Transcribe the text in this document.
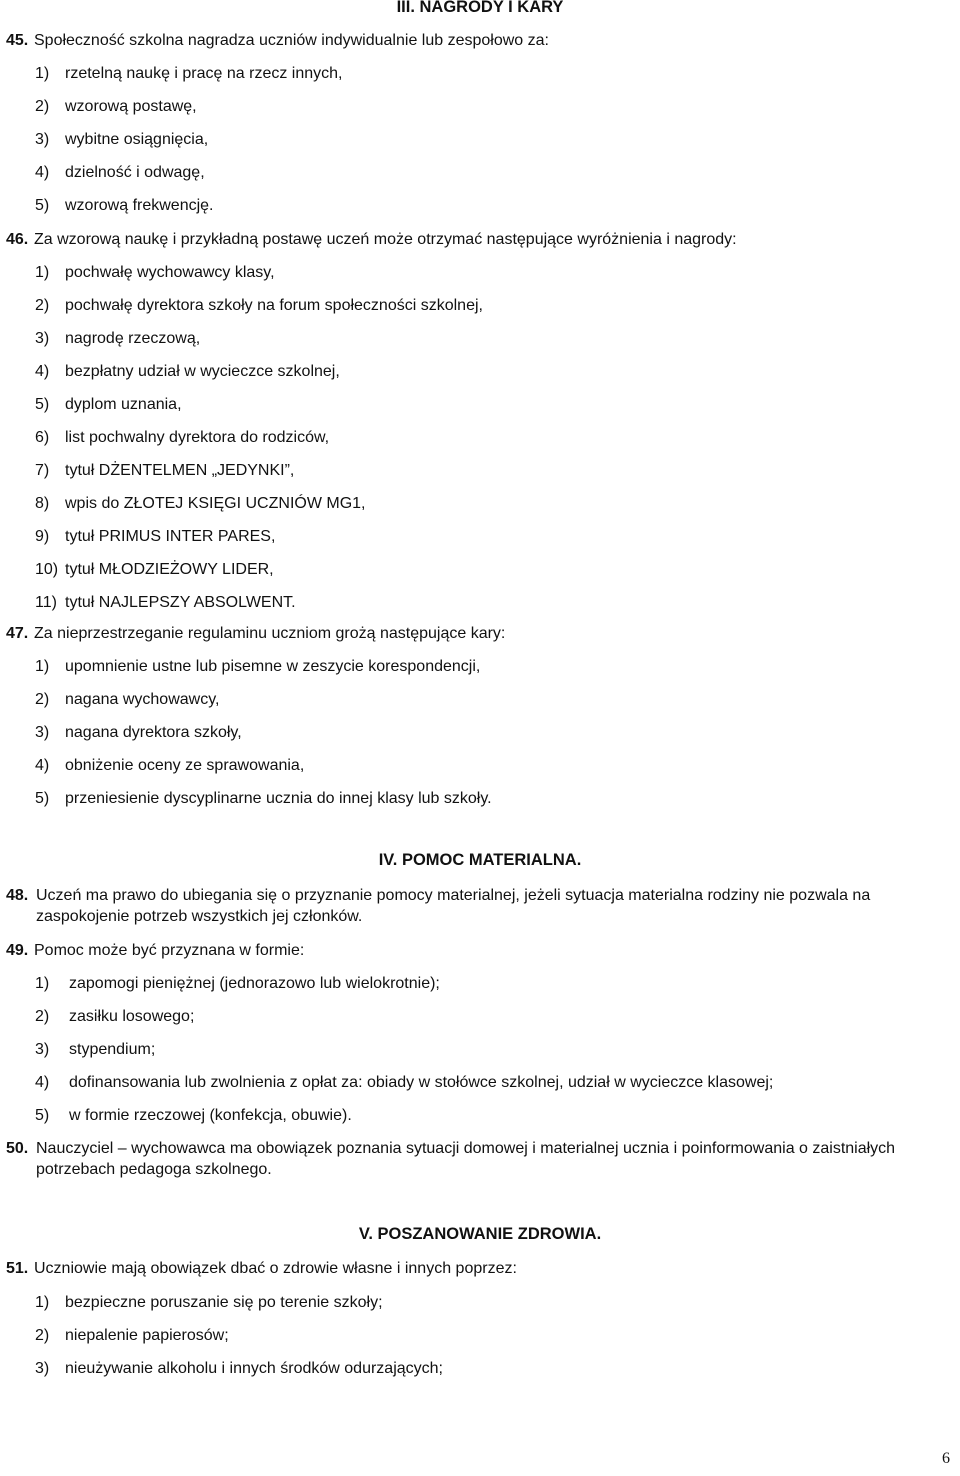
III. NAGRODY I KARY
45. Społeczność szkolna nagradza uczniów indywidualnie lub zespołowo za:
1) rzetelną naukę i pracę na rzecz innych,
2) wzorową postawę,
3) wybitne osiągnięcia,
4) dzielność i odwagę,
5) wzorową frekwencję.
46. Za wzorową naukę i przykładną postawę uczeń może otrzymać następujące wyróżnienia i nagrody:
1) pochwałę wychowawcy klasy,
2) pochwałę dyrektora szkoły na forum społeczności szkolnej,
3) nagrodę rzeczową,
4) bezpłatny udział w wycieczce szkolnej,
5) dyplom uznania,
6) list pochwalny dyrektora do rodziców,
7) tytuł DŻENTELMEN „JEDYNKI”,
8) wpis do ZŁOTEJ KSIĘGI UCZNIÓW MG1,
9) tytuł PRIMUS INTER PARES,
10) tytuł MŁODZIEŻOWY LIDER,
11) tytuł NAJLEPSZY ABSOLWENT.
47. Za nieprzestrzeganie regulaminu uczniom grożą następujące kary:
1) upomnienie ustne lub pisemne w zeszycie korespondencji,
2) nagana wychowawcy,
3) nagana dyrektora szkoły,
4) obniżenie oceny ze sprawowania,
5) przeniesienie dyscyplinarne ucznia do innej klasy lub szkoły.
IV. POMOC MATERIALNA.
48. Uczeń ma prawo do ubiegania się o przyznanie pomocy materialnej, jeżeli sytuacja materialna rodziny nie pozwala na zaspokojenie potrzeb wszystkich jej członków.
49. Pomoc może być przyznana w formie:
1) zapomogi pieniężnej (jednorazowo lub wielokrotnie);
2) zasiłku losowego;
3) stypendium;
4) dofinansowania lub zwolnienia z opłat za: obiady w stołówce szkolnej, udział w wycieczce klasowej;
5) w formie rzeczowej (konfekcja, obuwie).
50. Nauczyciel – wychowawca ma obowiązek poznania sytuacji domowej i materialnej ucznia i poinformowania o zaistniałych potrzebach pedagoga szkolnego.
V. POSZANOWANIE ZDROWIA.
51. Uczniowie mają obowiązek dbać o zdrowie własne i innych poprzez:
1) bezpieczne poruszanie się po terenie szkoły;
2) niepalenie papierosów;
3) nieużywanie alkoholu i innych środków odurzających;
6
